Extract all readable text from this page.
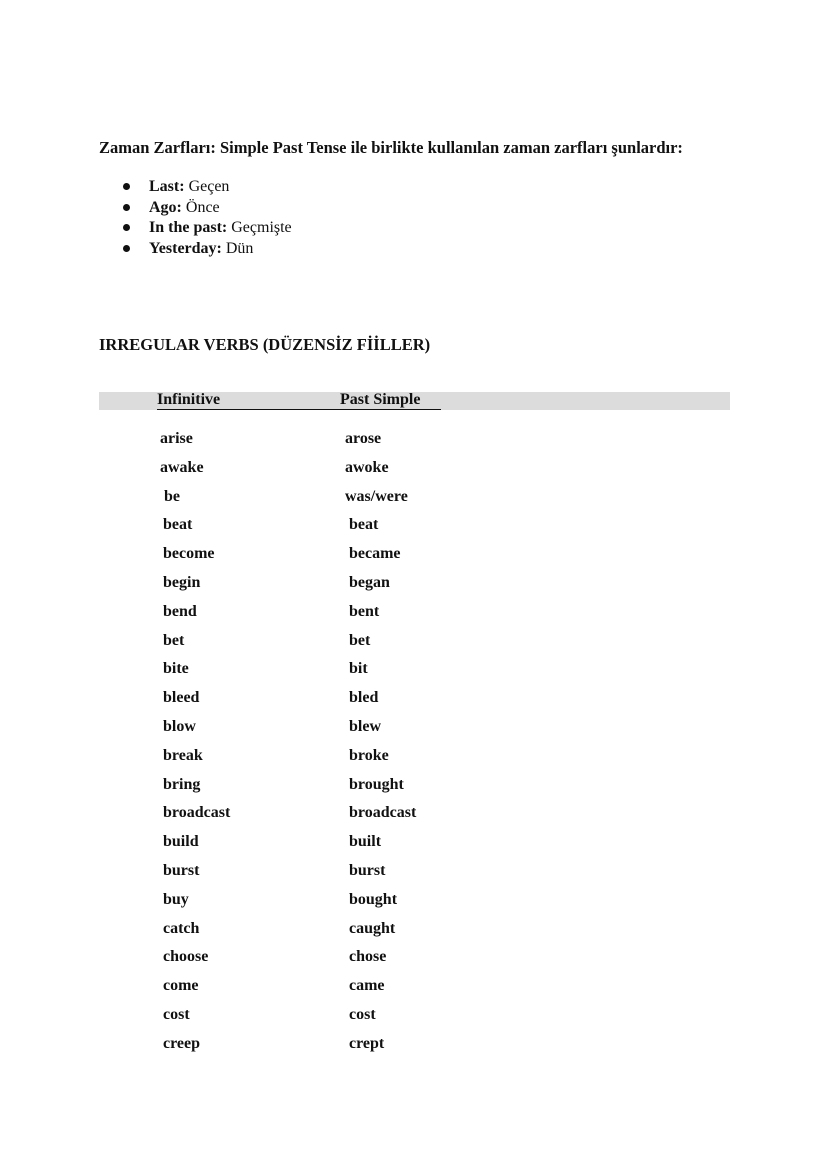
Zaman Zarfları: Simple Past Tense ile birlikte kullanılan zaman zarfları şunlardır:
Last: Geçen
Ago: Önce
In the past: Geçmişte
Yesterday: Dün
IRREGULAR VERBS (DÜZENSİZ FİİLLER)
Infinitive	Past Simple
arise	arose
awake	awoke
be	was/were
beat	beat
become	became
begin	began
bend	bent
bet	bet
bite	bit
bleed	bled
blow	blew
break	broke
bring	brought
broadcast	broadcast
build	built
burst	burst
buy	bought
catch	caught
choose	chose
come	came
cost	cost
creep	crept
